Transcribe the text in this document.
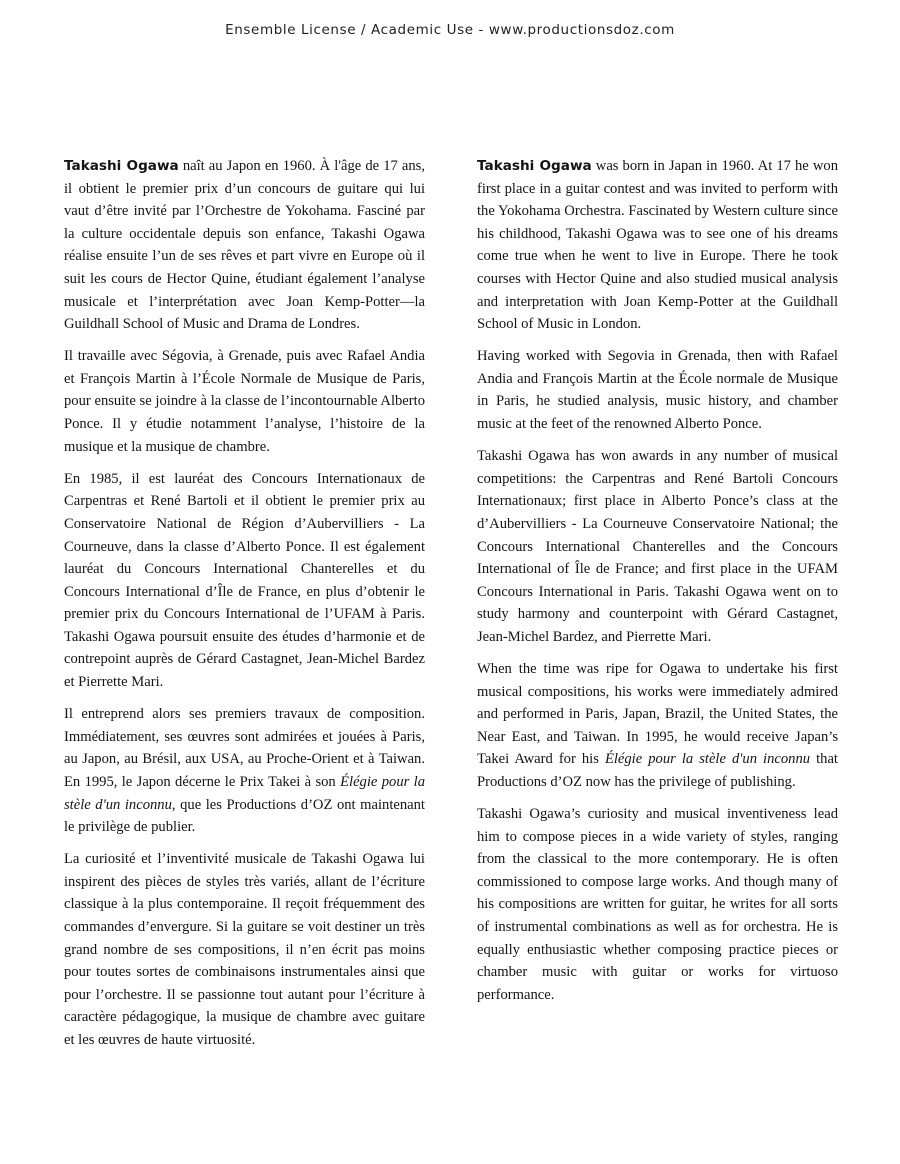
Ensemble License / Academic Use - www.productionsdoz.com

Takashi Ogawa naît au Japon en 1960. À l'âge de 17 ans, il obtient le premier prix d’un concours de guitare qui lui vaut d’être invité par l’Orchestre de Yokohama. Fasciné par la culture occidentale depuis son enfance, Takashi Ogawa réalise ensuite l’un de ses rêves et part vivre en Europe où il suit les cours de Hector Quine, étudiant également l’analyse musicale et l’interprétation avec Joan Kemp-Potter—la Guildhall School of Music and Drama de Londres.

Il travaille avec Ségovia, à Grenade, puis avec Rafael Andia et François Martin à l’École Normale de Musique de Paris, pour ensuite se joindre à la classe de l’incontournable Alberto Ponce. Il y étudie notamment l’analyse, l’histoire de la musique et la musique de chambre.

En 1985, il est lauréat des Concours Internationaux de Carpentras et René Bartoli et il obtient le premier prix au Conservatoire National de Région d’Aubervilliers - La Courneuve, dans la classe d’Alberto Ponce. Il est également lauréat du Concours International Chanterelles et du Concours International d’Île de France, en plus d’obtenir le premier prix du Concours International de l’UFAM à Paris. Takashi Ogawa poursuit ensuite des études d’harmonie et de contrepoint auprès de Gérard Castagnet, Jean-Michel Bardez et Pierrette Mari.

Il entreprend alors ses premiers travaux de composition. Immédiatement, ses œuvres sont admirées et jouées à Paris, au Japon, au Brésil, aux USA, au Proche-Orient et à Taiwan. En 1995, le Japon décerne le Prix Takei à son Élégie pour la stèle d'un inconnu, que les Productions d’OZ ont maintenant le privilège de publier.

La curiosité et l’inventivité musicale de Takashi Ogawa lui inspirent des pièces de styles très variés, allant de l’écriture classique à la plus contemporaine. Il reçoit fréquemment des commandes d’envergure. Si la guitare se voit destiner un très grand nombre de ses compositions, il n’en écrit pas moins pour toutes sortes de combinaisons instrumentales ainsi que pour l’orchestre. Il se passionne tout autant pour l’écriture à caractère pédagogique, la musique de chambre avec guitare et les œuvres de haute virtuosité.

Takashi Ogawa was born in Japan in 1960. At 17 he won first place in a guitar contest and was invited to perform with the Yokohama Orchestra. Fascinated by Western culture since his childhood, Takashi Ogawa was to see one of his dreams come true when he went to live in Europe. There he took courses with Hector Quine and also studied musical analysis and interpretation with Joan Kemp-Potter at the Guildhall School of Music in London.

Having worked with Segovia in Grenada, then with Rafael Andia and François Martin at the École normale de Musique in Paris, he studied analysis, music history, and chamber music at the feet of the renowned Alberto Ponce.

Takashi Ogawa has won awards in any number of musical competitions: the Carpentras and René Bartoli Concours Internationaux; first place in Alberto Ponce’s class at the d’Aubervilliers - La Courneuve Conservatoire National; the Concours International Chanterelles and the Concours International of Île de France; and first place in the UFAM Concours International in Paris. Takashi Ogawa went on to study harmony and counterpoint with Gérard Castagnet, Jean-Michel Bardez, and Pierrette Mari.

When the time was ripe for Ogawa to undertake his first musical compositions, his works were immediately admired and performed in Paris, Japan, Brazil, the United States, the Near East, and Taiwan. In 1995, he would receive Japan’s Takei Award for his Élégie pour la stèle d'un inconnu that Productions d’OZ now has the privilege of publishing.

Takashi Ogawa’s curiosity and musical inventiveness lead him to compose pieces in a wide variety of styles, ranging from the classical to the more contemporary. He is often commissioned to compose large works. And though many of his compositions are written for guitar, he writes for all sorts of instrumental combinations as well as for orchestra. He is equally enthusiastic whether composing practice pieces or chamber music with guitar or works for virtuoso performance.
